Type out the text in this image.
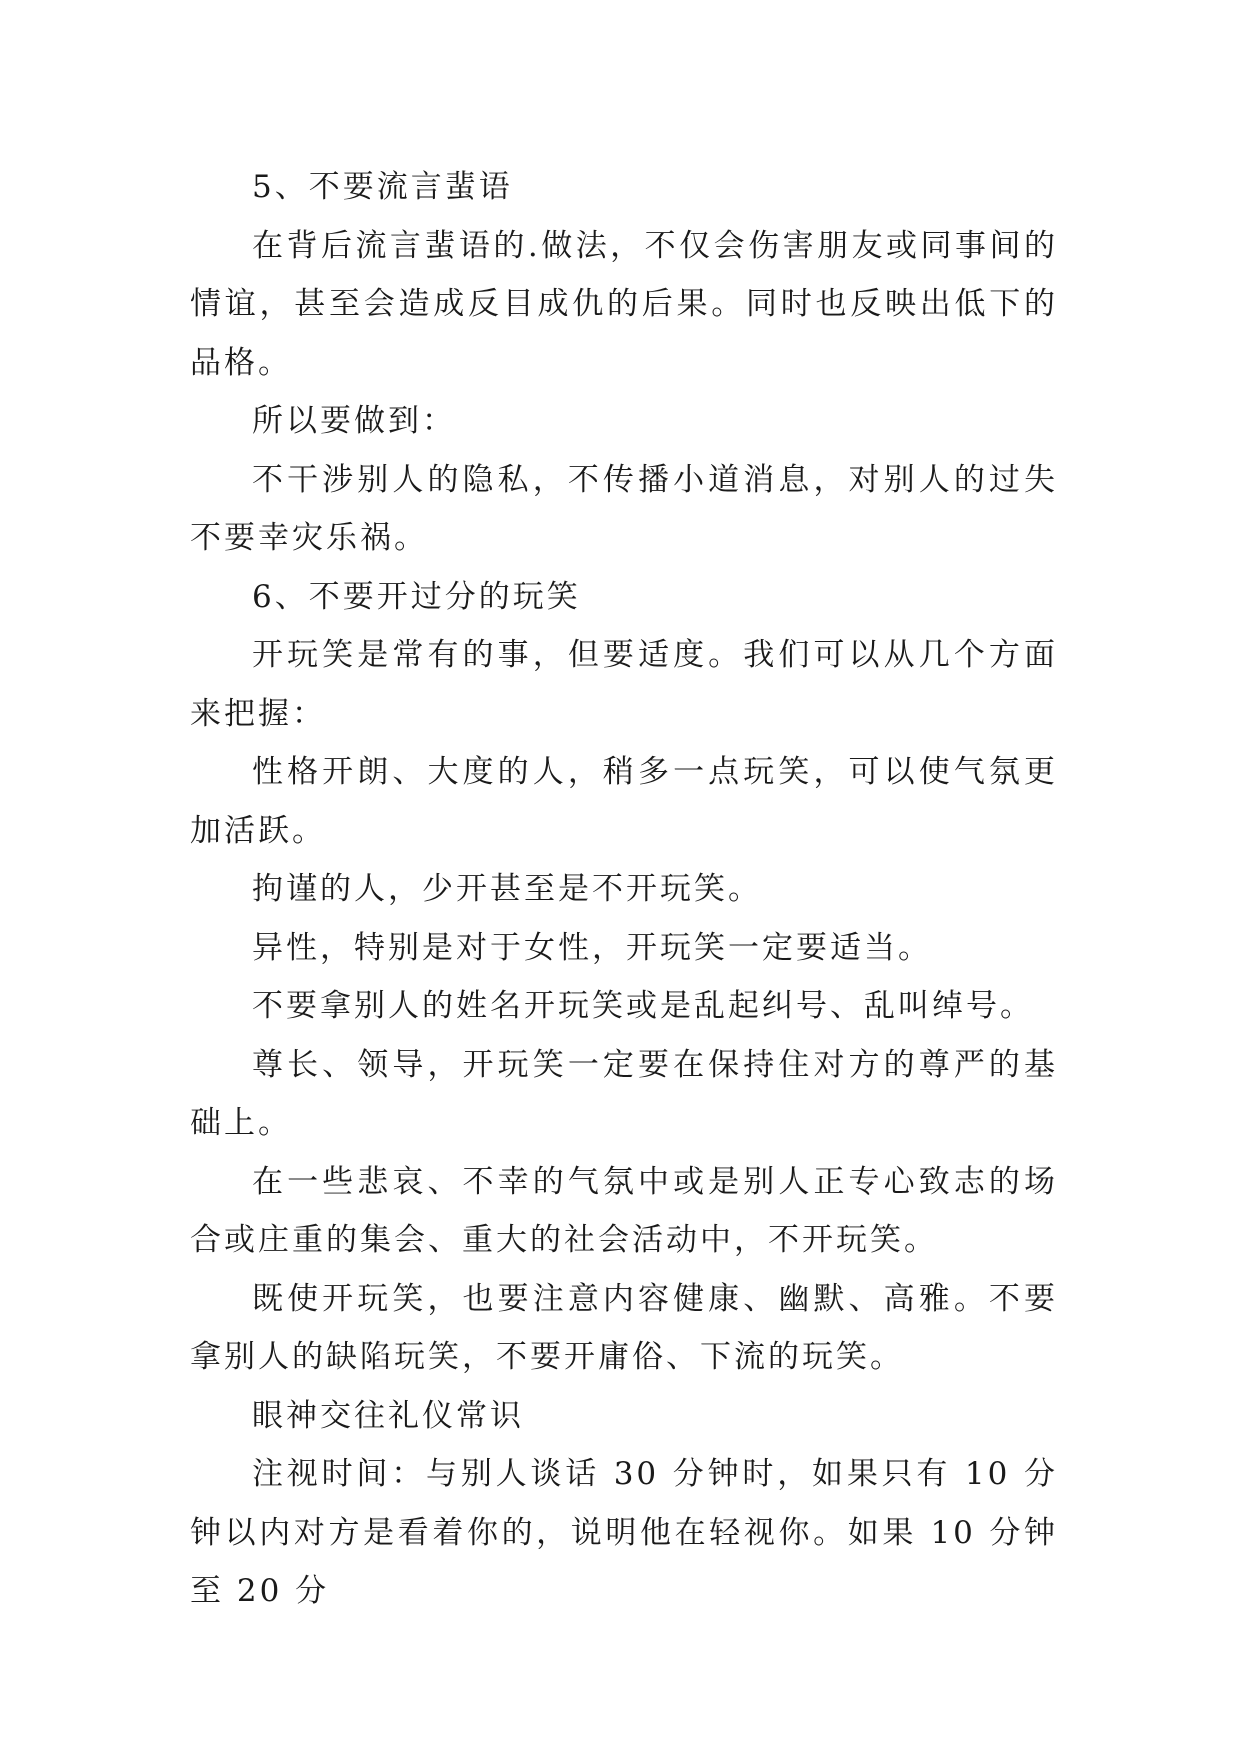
5、不要流言蜚语

在背后流言蜚语的.做法，不仅会伤害朋友或同事间的情谊，甚至会造成反目成仇的后果。同时也反映出低下的品格。

所以要做到：

不干涉别人的隐私，不传播小道消息，对别人的过失不要幸灾乐祸。

6、不要开过分的玩笑

开玩笑是常有的事，但要适度。我们可以从几个方面来把握：

性格开朗、大度的人，稍多一点玩笑，可以使气氛更加活跃。

拘谨的人，少开甚至是不开玩笑。

异性，特别是对于女性，开玩笑一定要适当。

不要拿别人的姓名开玩笑或是乱起纠号、乱叫绰号。

尊长、领导，开玩笑一定要在保持住对方的尊严的基础上。

在一些悲哀、不幸的气氛中或是别人正专心致志的场合或庄重的集会、重大的社会活动中，不开玩笑。

既使开玩笑，也要注意内容健康、幽默、高雅。不要拿别人的缺陷玩笑，不要开庸俗、下流的玩笑。

眼神交往礼仪常识

注视时间：与别人谈话 30 分钟时，如果只有 10 分钟以内对方是看着你的，说明他在轻视你。如果 10 分钟至 20 分
